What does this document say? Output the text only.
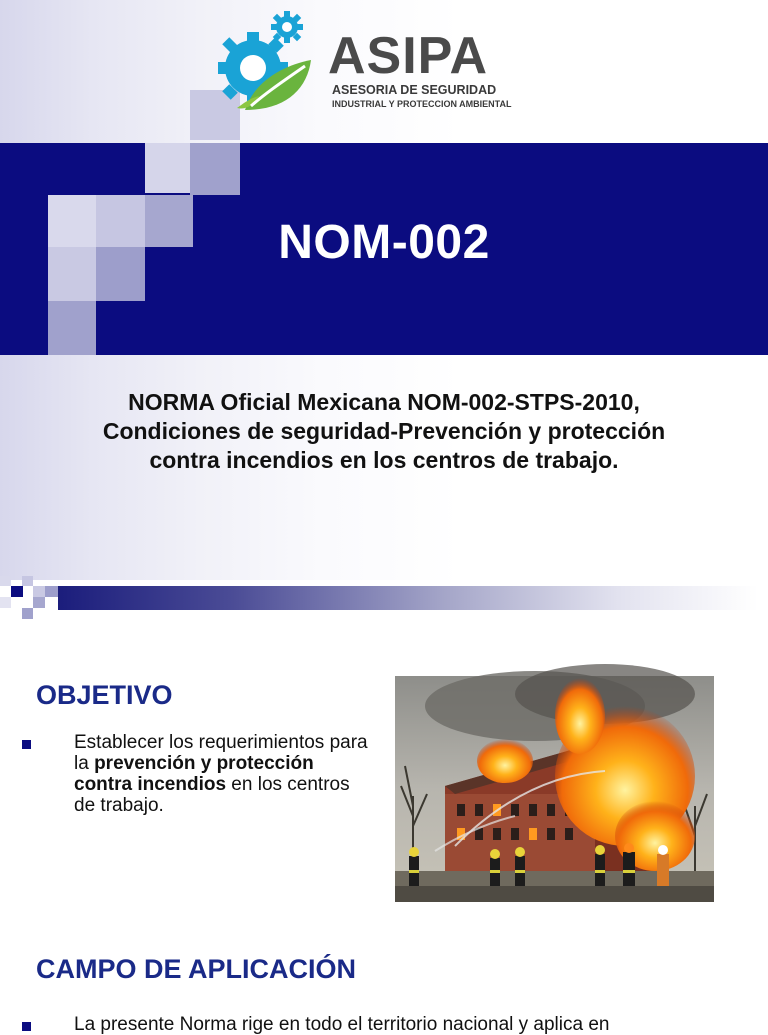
ASIPA
ASESORIA DE SEGURIDAD
INDUSTRIAL Y PROTECCION AMBIENTAL
NOM-002
NORMA Oficial Mexicana NOM-002-STPS-2010, Condiciones de seguridad-Prevención y protección contra incendios en los centros de trabajo.
OBJETIVO
Establecer los requerimientos para la prevención y protección contra incendios en los centros de trabajo.
CAMPO DE APLICACIÓN
La presente Norma rige en todo el territorio nacional y aplica en
